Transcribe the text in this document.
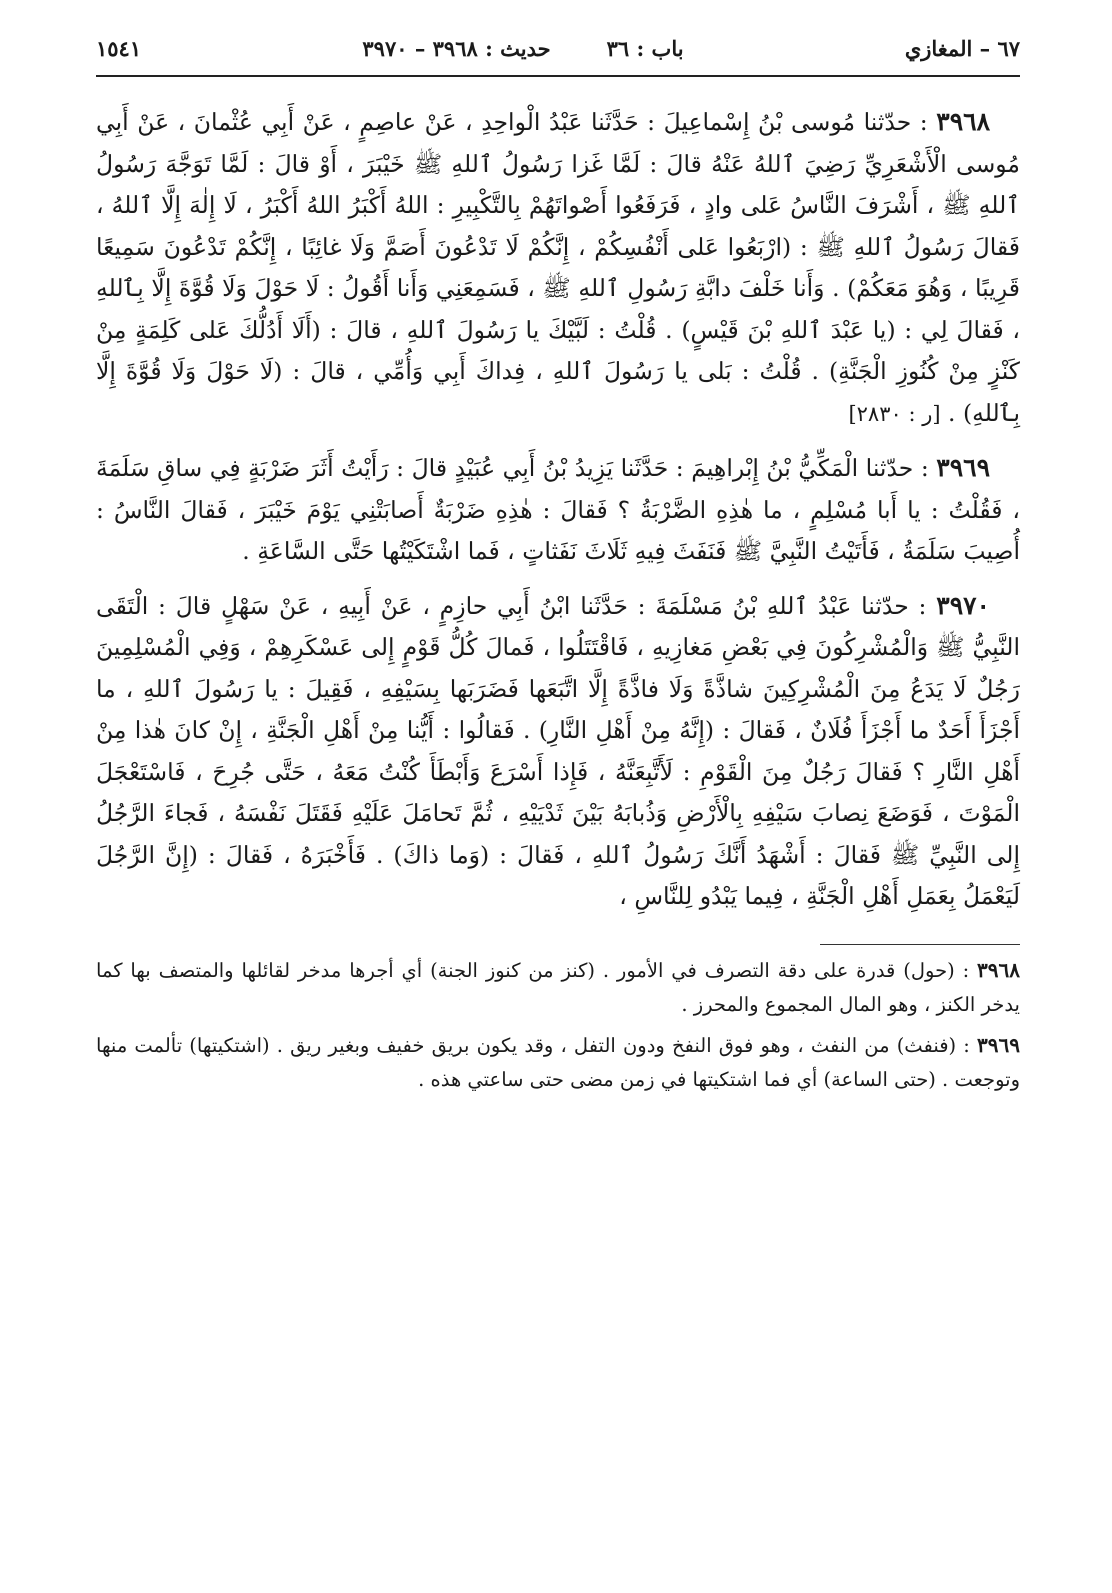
٦٧ – المغازي
باب : ٣٦
حديث : ٣٩٦٨ – ٣٩٧٠
١٥٤١

٣٩٦٨ : حدّثنا مُوسى بْنُ إِسْماعِيلَ : حَدَّثَنا عَبْدُ الْواحِدِ ، عَنْ عاصِمٍ ، عَنْ أَبِي عُثْمانَ ، عَنْ أَبِي مُوسى الْأَشْعَرِيِّ رَضِيَ ٱللهُ عَنْهُ قالَ : لَمَّا غَزا رَسُولُ ٱللهِ ﷺ خَيْبَرَ ، أَوْ قالَ : لَمَّا تَوَجَّهَ رَسُولُ ٱللهِ ﷺ ، أَشْرَفَ النَّاسُ عَلى وادٍ ، فَرَفَعُوا أَصْواتَهُمْ بِالتَّكْبِيرِ : اللهُ أَكْبَرُ اللهُ أَكْبَرُ ، لَا إِلٰهَ إِلَّا ٱللهُ ، فَقالَ رَسُولُ ٱللهِ ﷺ : (ارْبَعُوا عَلى أَنْفُسِكُمْ ، إِنَّكُمْ لَا تَدْعُونَ أَصَمَّ وَلَا غائِبًا ، إِنَّكُمْ تَدْعُونَ سَمِيعًا قَرِيبًا ، وَهُوَ مَعَكُمْ) . وَأَنا خَلْفَ دابَّةِ رَسُولِ ٱللهِ ﷺ ، فَسَمِعَنِي وَأَنا أَقُولُ : لَا حَوْلَ وَلَا قُوَّةَ إِلَّا بِٱللهِ ، فَقالَ لِي : (يا عَبْدَ ٱللهِ بْنَ قَيْسٍ) . قُلْتُ : لَبَّيْكَ يا رَسُولَ ٱللهِ ، قالَ : (أَلَا أَدُلُّكَ عَلى كَلِمَةٍ مِنْ كَنْزٍ مِنْ كُنُوزِ الْجَنَّةِ) . قُلْتُ : بَلى يا رَسُولَ ٱللهِ ، فِداكَ أَبِي وَأُمِّي ، قالَ : (لَا حَوْلَ وَلَا قُوَّةَ إِلَّا بِٱللهِ) . [ر : ٢٨٣٠]

٣٩٦٩ : حدّثنا الْمَكِّيُّ بْنُ إِبْراهِيمَ : حَدَّثَنا يَزِيدُ بْنُ أَبِي عُبَيْدٍ قالَ : رَأَيْتُ أَثَرَ ضَرْبَةٍ فِي ساقِ سَلَمَةَ ، فَقُلْتُ : يا أَبا مُسْلِمٍ ، ما هٰذِهِ الضَّرْبَةُ ؟ فَقالَ : هٰذِهِ ضَرْبَةٌ أَصابَتْنِي يَوْمَ خَيْبَرَ ، فَقالَ النَّاسُ : أُصِيبَ سَلَمَةُ ، فَأَتَيْتُ النَّبِيَّ ﷺ فَنَفَثَ فِيهِ ثَلَاثَ نَفَثاتٍ ، فَما اشْتَكَيْتُها حَتَّى السَّاعَةِ .

٣٩٧٠ : حدّثنا عَبْدُ ٱللهِ بْنُ مَسْلَمَةَ : حَدَّثَنا ابْنُ أَبِي حازِمٍ ، عَنْ أَبِيهِ ، عَنْ سَهْلٍ قالَ : الْتَقَى النَّبِيُّ ﷺ وَالْمُشْرِكُونَ فِي بَعْضِ مَغازِيهِ ، فَاقْتَتَلُوا ، فَمالَ كُلُّ قَوْمٍ إِلى عَسْكَرِهِمْ ، وَفِي الْمُسْلِمِينَ رَجُلٌ لَا يَدَعُ مِنَ الْمُشْرِكِينَ شاذَّةً وَلَا فاذَّةً إِلَّا اتَّبَعَها فَضَرَبَها بِسَيْفِهِ ، فَقِيلَ : يا رَسُولَ ٱللهِ ، ما أَجْزَأَ أَحَدٌ ما أَجْزَأَ فُلَانٌ ، فَقالَ : (إِنَّهُ مِنْ أَهْلِ النَّارِ) . فَقالُوا : أَيُّنا مِنْ أَهْلِ الْجَنَّةِ ، إِنْ كانَ هٰذا مِنْ أَهْلِ النَّارِ ؟ فَقالَ رَجُلٌ مِنَ الْقَوْمِ : لَأَتَّبِعَنَّهُ ، فَإِذا أَسْرَعَ وَأَبْطَأَ كُنْتُ مَعَهُ ، حَتَّى جُرِحَ ، فَاسْتَعْجَلَ الْمَوْتَ ، فَوَضَعَ نِصابَ سَيْفِهِ بِالْأَرْضِ وَذُبابَهُ بَيْنَ ثَدْيَيْهِ ، ثُمَّ تَحامَلَ عَلَيْهِ فَقَتَلَ نَفْسَهُ ، فَجاءَ الرَّجُلُ إِلى النَّبِيِّ ﷺ فَقالَ : أَشْهَدُ أَنَّكَ رَسُولُ ٱللهِ ، فَقالَ : (وَما ذاكَ) . فَأَخْبَرَهُ ، فَقالَ : (إِنَّ الرَّجُلَ لَيَعْمَلُ بِعَمَلِ أَهْلِ الْجَنَّةِ ، فِيما يَبْدُو لِلنَّاسِ ،

٣٩٦٨ : (حول) قدرة على دقة التصرف في الأمور . (كنز من كنوز الجنة) أي أجرها مدخر لقائلها والمتصف بها كما يدخر الكنز ، وهو المال المجموع والمحرز .

٣٩٦٩ : (فنفث) من النفث ، وهو فوق النفخ ودون التفل ، وقد يكون بريق خفيف وبغير ريق . (اشتكيتها) تألمت منها وتوجعت . (حتى الساعة) أي فما اشتكيتها في زمن مضى حتى ساعتي هذه .
